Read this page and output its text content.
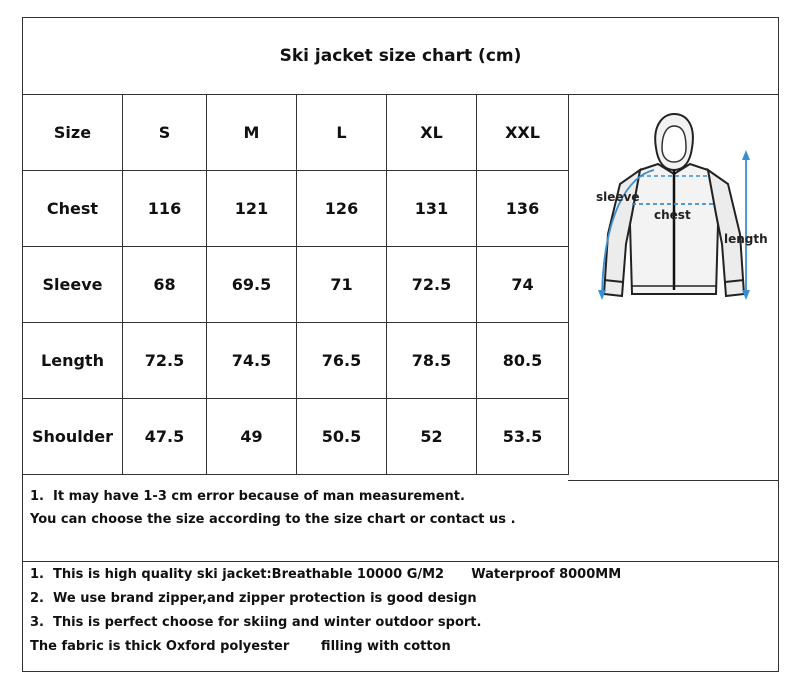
Ski jacket size chart (cm)
Size	S	M	L	XL	XXL
Chest	116	121	126	131	136
Sleeve	68	69.5	71	72.5	74
Length	72.5	74.5	76.5	78.5	80.5
Shoulder	47.5	49	50.5	52	53.5
sleeve
chest
length
1.  It may have 1-3 cm error because of man measurement.
You can choose the size according to the size chart or contact us .
1.  This is high quality ski jacket:Breathable 10000 G/M2      Waterproof 8000MM
2.  We use brand zipper,and zipper protection is good design
3.  This is perfect choose for skiing and winter outdoor sport.
The fabric is thick Oxford polyester       filling with cotton
